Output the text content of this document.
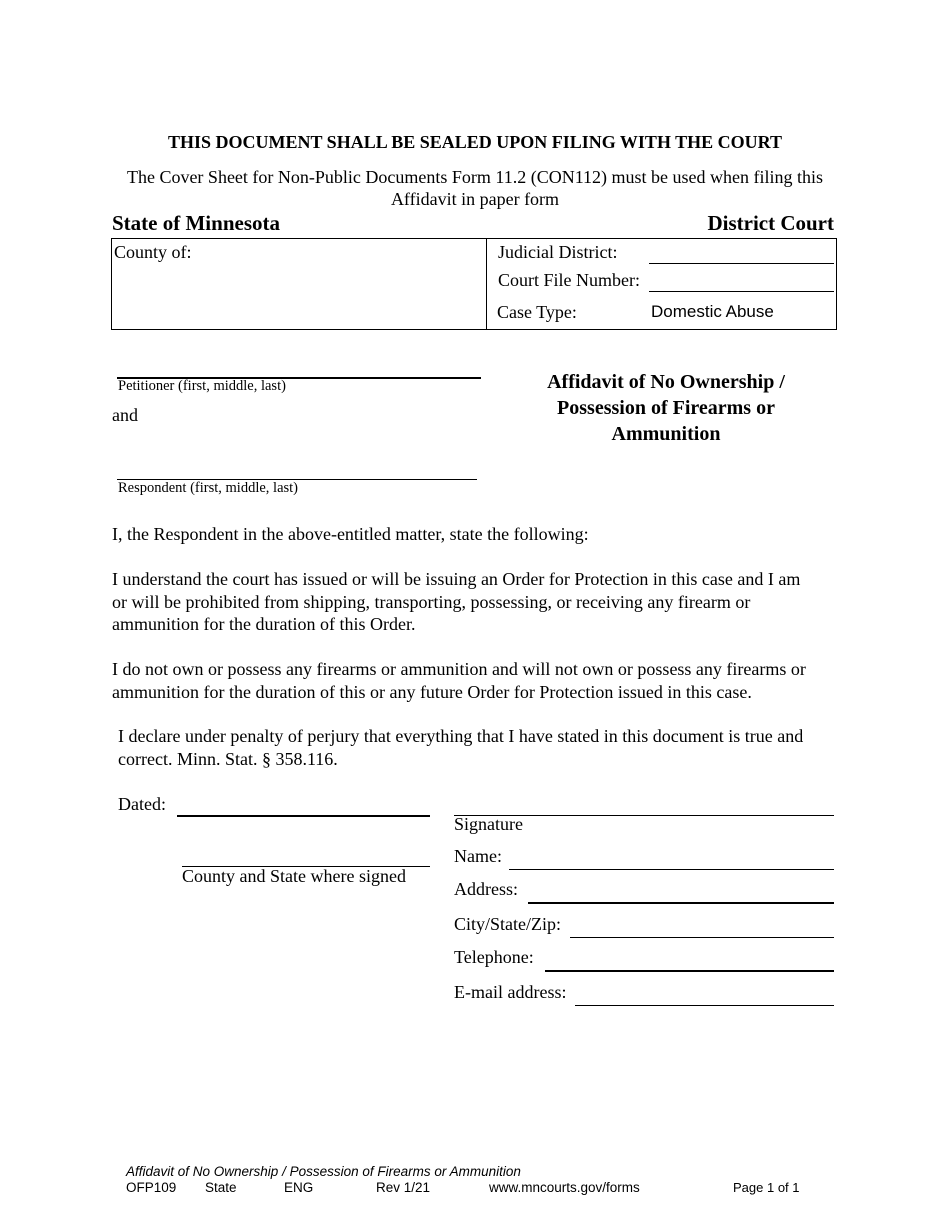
THIS DOCUMENT SHALL BE SEALED UPON FILING WITH THE COURT
The Cover Sheet for Non-Public Documents Form 11.2 (CON112) must be used when filing this
Affidavit in paper form
State of Minnesota	District Court
County of:	Judicial District:
Court File Number:
Case Type:	Domestic Abuse
Petitioner (first, middle, last)
and
Respondent (first, middle, last)
Affidavit of No Ownership /
Possession of Firearms or
Ammunition
I, the Respondent in the above-entitled matter, state the following:
I understand the court has issued or will be issuing an Order for Protection in this case and I am
or will be prohibited from shipping, transporting, possessing, or receiving any firearm or
ammunition for the duration of this Order.
I do not own or possess any firearms or ammunition and will not own or possess any firearms or
ammunition for the duration of this or any future Order for Protection issued in this case.
I declare under penalty of perjury that everything that I have stated in this document is true and
correct. Minn. Stat. § 358.116.
Dated:
County and State where signed
Signature
Name:
Address:
City/State/Zip:
Telephone:
E-mail address:
Affidavit of No Ownership / Possession of Firearms or Ammunition
OFP109 State	ENG	Rev 1/21	www.mncourts.gov/forms	Page 1 of 1
